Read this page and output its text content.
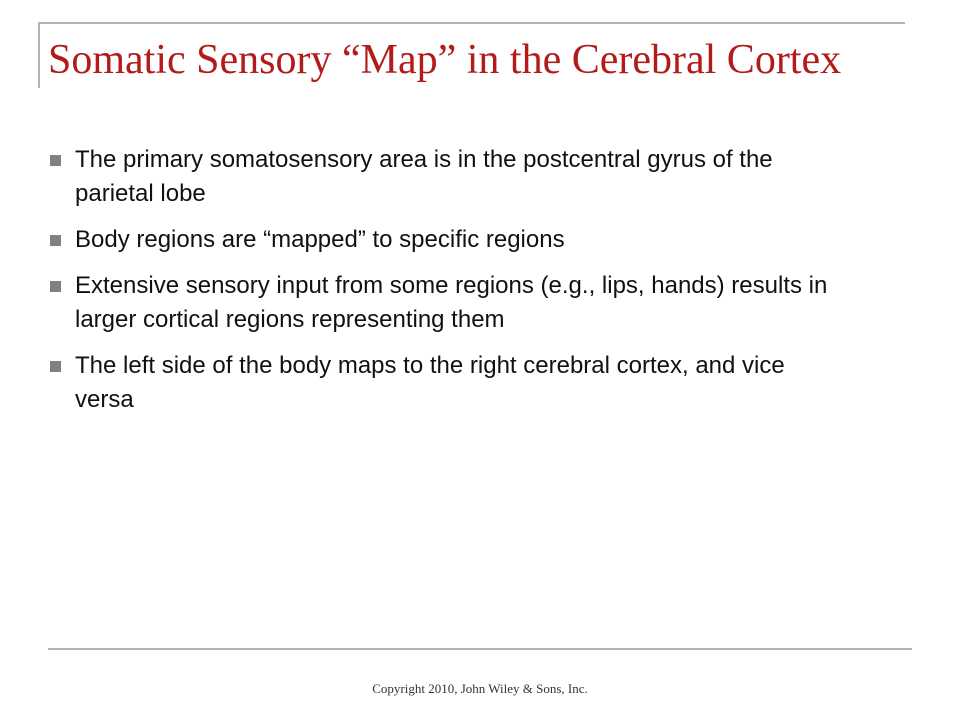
Somatic Sensory “Map” in the Cerebral Cortex
The primary somatosensory area is in the postcentral gyrus of the parietal lobe
Body regions are “mapped” to specific regions
Extensive sensory input from some regions (e.g., lips, hands) results in larger cortical regions representing them
The left side of the body maps to the right cerebral cortex, and vice versa
Copyright 2010, John Wiley & Sons, Inc.
